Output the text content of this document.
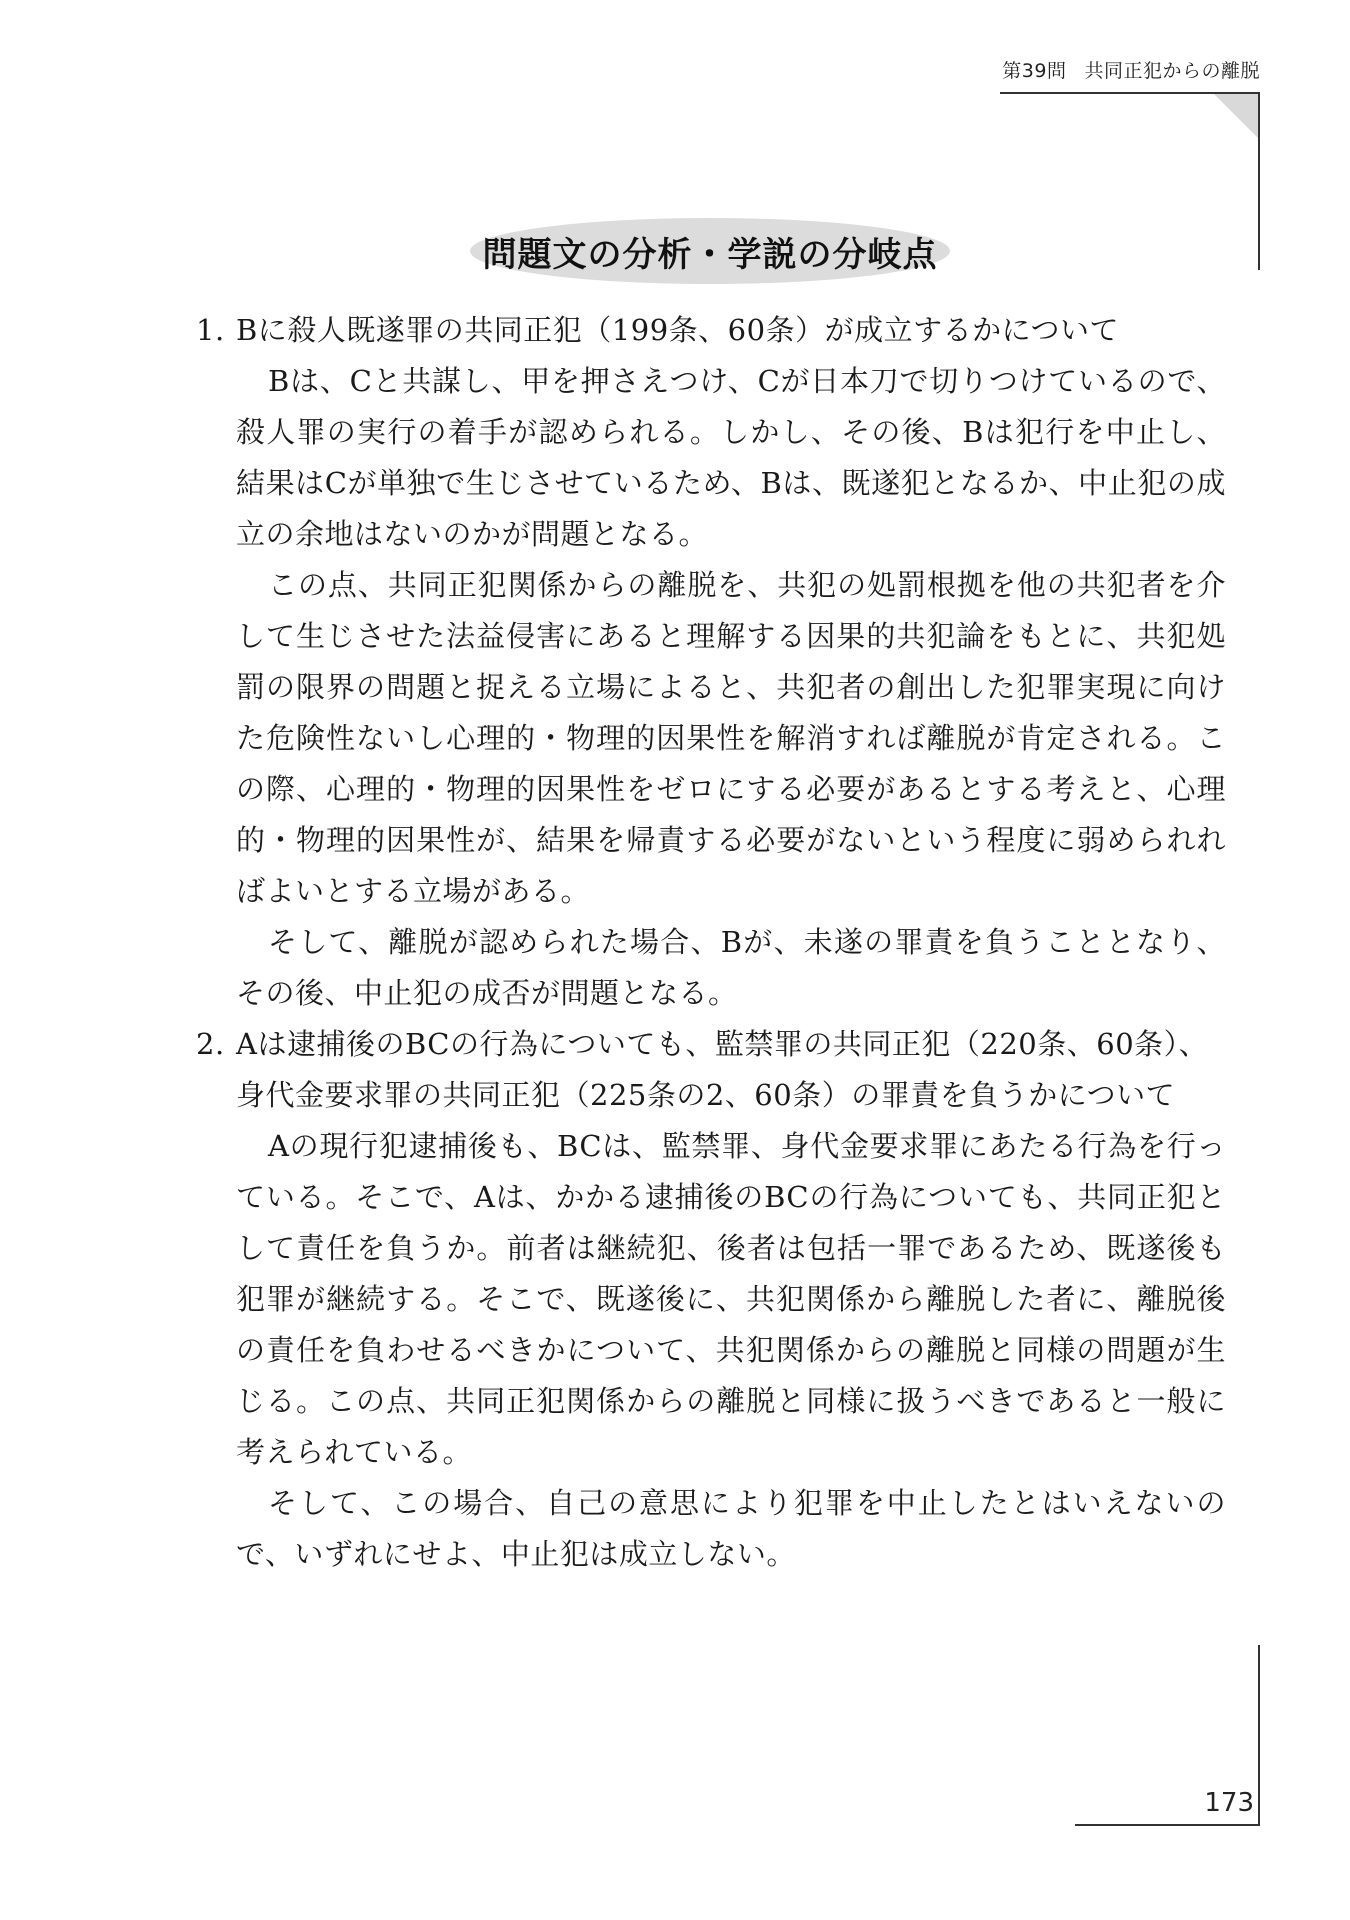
第39問 共同正犯からの離脱
問題文の分析・学説の分岐点
1. Bに殺人既遂罪の共同正犯（199条、60条）が成立するかについて

Bは、Cと共謀し、甲を押さえつけ、Cが日本刀で切りつけているので、殺人罪の実行の着手が認められる。しかし、その後、Bは犯行を中止し、結果はCが単独で生じさせているため、Bは、既遂犯となるか、中止犯の成立の余地はないのかが問題となる。

この点、共同正犯関係からの離脱を、共犯の処罰根拠を他の共犯者を介して生じさせた法益侵害にあると理解する因果的共犯論をもとに、共犯処罰の限界の問題と捉える立場によると、共犯者の創出した犯罪実現に向けた危険性ないし心理的・物理的因果性を解消すれば離脱が肯定される。この際、心理的・物理的因果性をゼロにする必要があるとする考えと、心理的・物理的因果性が、結果を帰責する必要がないという程度に弱められればよいとする立場がある。

そして、離脱が認められた場合、Bが、未遂の罪責を負うこととなり、その後、中止犯の成否が問題となる。

2. Aは逮捕後のBCの行為についても、監禁罪の共同正犯（220条、60条）、身代金要求罪の共同正犯（225条の2、60条）の罪責を負うかについて

Aの現行犯逮捕後も、BCは、監禁罪、身代金要求罪にあたる行為を行っている。そこで、Aは、かかる逮捕後のBCの行為についても、共同正犯として責任を負うか。前者は継続犯、後者は包括一罪であるため、既遂後も犯罪が継続する。そこで、既遂後に、共犯関係から離脱した者に、離脱後の責任を負わせるべきかについて、共犯関係からの離脱と同様の問題が生じる。この点、共同正犯関係からの離脱と同様に扱うべきであると一般に考えられている。

そして、この場合、自己の意思により犯罪を中止したとはいえないので、いずれにせよ、中止犯は成立しない。

173
